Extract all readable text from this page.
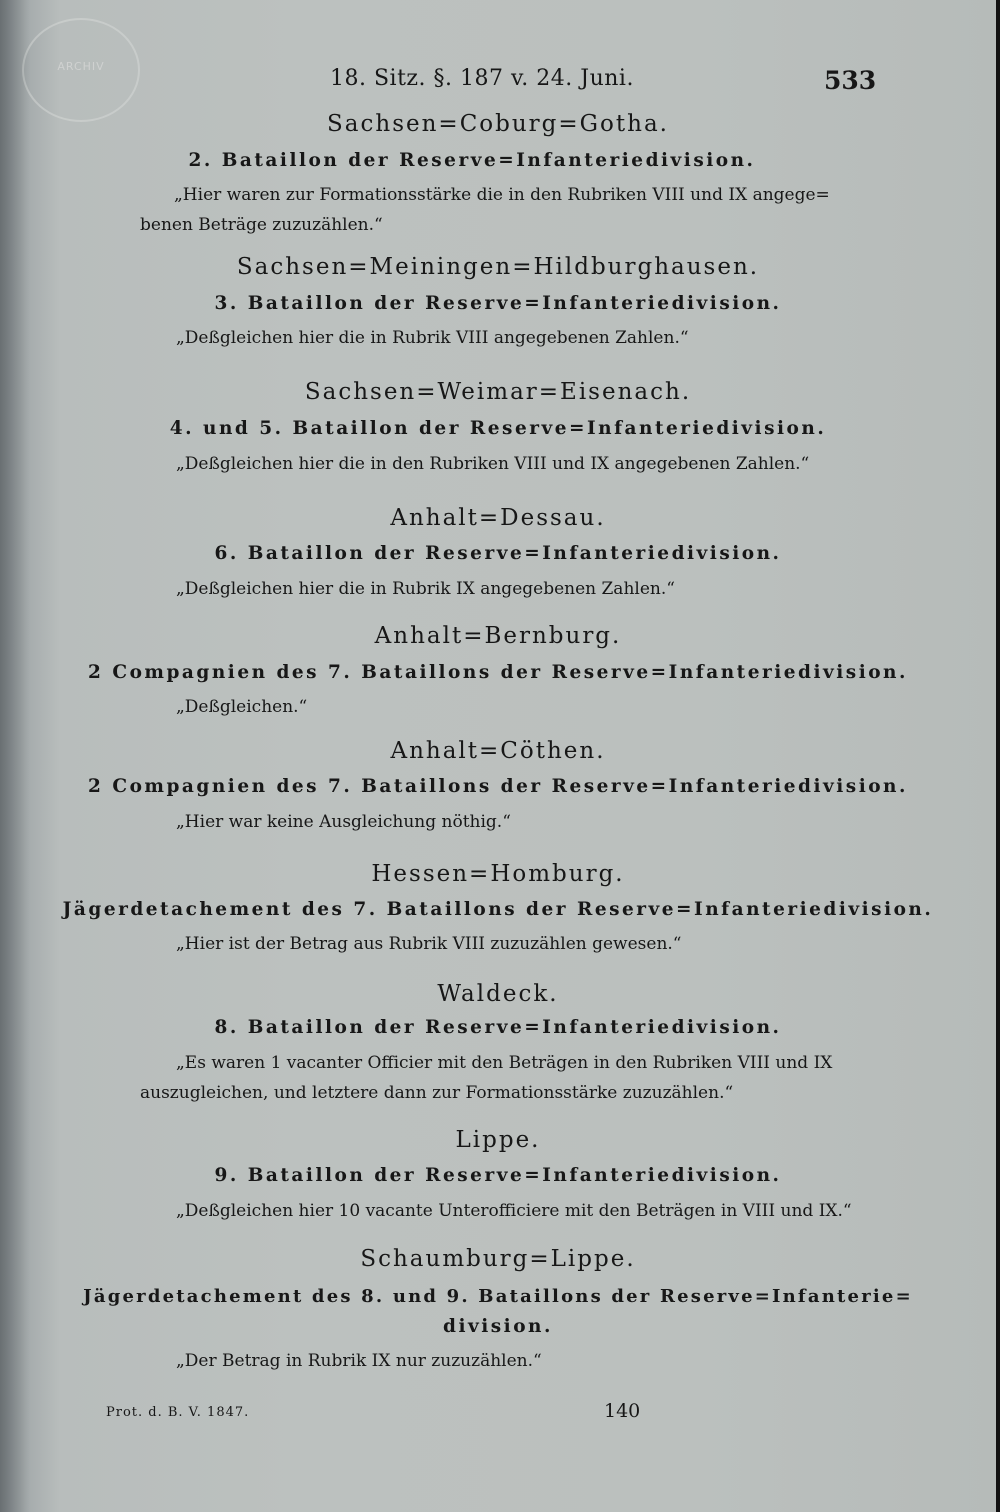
ARCHIV	18. Sitz. §. 187 v. 24. Juni.	533
Sachsen=Coburg=Gotha.
2. Bataillon der Reserve=Infanteriedivision.
„Hier waren zur Formationsstärke die in den Rubriken VIII und IX angege= benen Beträge zuzuzählen.“
Sachsen=Meiningen=Hildburghausen.
3. Bataillon der Reserve=Infanteriedivision.
„Deßgleichen hier die in Rubrik VIII angegebenen Zahlen.“
Sachsen=Weimar=Eisenach.
4. und 5. Bataillon der Reserve=Infanteriedivision.
„Deßgleichen hier die in den Rubriken VIII und IX angegebenen Zahlen.“
Anhalt=Dessau.
6. Bataillon der Reserve=Infanteriedivision.
„Deßgleichen hier die in Rubrik IX angegebenen Zahlen.“
Anhalt=Bernburg.
2 Compagnien des 7. Bataillons der Reserve=Infanteriedivision.
„Deßgleichen.“
Anhalt=Cöthen.
2 Compagnien des 7. Bataillons der Reserve=Infanteriedivision.
„Hier war keine Ausgleichung nöthig.“
Hessen=Homburg.
Jägerdetachement des 7. Bataillons der Reserve=Infanteriedivision.
„Hier ist der Betrag aus Rubrik VIII zuzuzählen gewesen.“
Waldeck.
8. Bataillon der Reserve=Infanteriedivision.
„Es waren 1 vacanter Officier mit den Beträgen in den Rubriken VIII und IX auszugleichen, und letztere dann zur Formationsstärke zuzuzählen.“
Lippe.
9. Bataillon der Reserve=Infanteriedivision.
„Deßgleichen hier 10 vacante Unterofficiere mit den Beträgen in VIII und IX.“
Schaumburg=Lippe.
Jägerdetachement des 8. und 9. Bataillons der Reserve=Infanterie=
division.
„Der Betrag in Rubrik IX nur zuzuzählen.“
Prot. d. B. V. 1847.	140
